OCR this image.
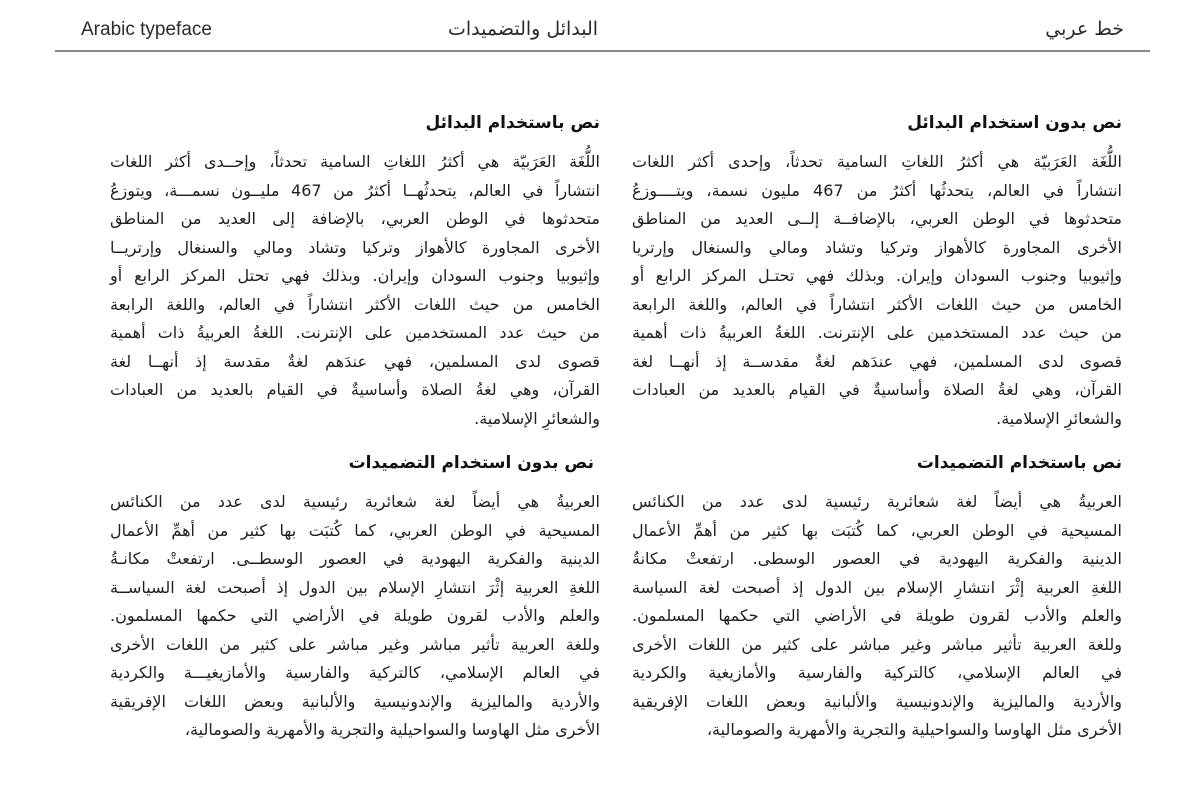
Arabic typeface	البدائل والتضميدات	خط عربي
نص بدون استخدام البدائل
اللُّغَة العَرَبيّة هي أكثرُ اللغاتِ السامية تحدثاً، وإحدى أكثر اللغات
انتشاراً في العالم، يتحدثُها أكثرُ من 467 مليون نسمة، ويتــــوزعُ
متحدثوها في الوطن العربي، بالإضافــة إلــى العديد من المناطق
الأخرى المجاورة كالأهواز وتركيا وتشاد ومالي والسنغال وإرتريا
وإثيوبيا وجنوب السودان وإيران. وبذلك فهي تحتـل المركز الرابع أو
الخامس من حيث اللغات الأكثر انتشاراً في العالم، واللغة الرابعة
من حيث عدد المستخدمين على الإنترنت. اللغةُ العربيةُ ذات أهمية
قصوى لدى المسلمين، فهي عندَهم لغةٌ مقدســة إذ أنهــا لغة
القرآن، وهي لغةُ الصلاة وأساسيةٌ في القيام بالعديد من العبادات
والشعائرِ الإسلامية.
نص باستخدام التضميدات
العربيةُ هي أيضاً لغة شعائرية رئيسية لدى عدد من الكنائس
المسيحية في الوطن العربي، كما كُتبَت بها كثير من أهمِّ الأعمال
الدينية والفكرية اليهودية في العصور الوسطى. ارتفعتْ مكانةُ
اللغةِ العربية إثْرَ انتشارِ الإسلام بين الدول إذ أصبحت لغة السياسة
والعلم والأدب لقرون طويلة في الأراضي التي حكمها المسلمون.
وللغة العربية تأثير مباشر وغير مباشر على كثير من اللغات الأخرى
في العالم الإسلامي، كالتركية والفارسية والأمازيغية والكردية
والأردية والماليزية والإندونيسية والألبانية وبعض اللغات الإفريقية
الأخرى مثل الهاوسا والسواحيلية والتجرية والأمهرية والصومالية،
نص باستخدام البدائل
اللُّغَة العَرَبيّة هي أكثرُ اللغاتِ السامية تحدثاً، وإحــدى أكثر اللغات
انتشاراً في العالم، يتحدثُهــا أكثرُ من 467 مليــون نسمـــة، ويتوزعُ
متحدثوها في الوطن العربي، بالإضافة إلى العديد من المناطق
الأخرى المجاورة كالأهواز وتركيا وتشاد ومالي والسنغال وإرتريــا
وإثيوبيا وجنوب السودان وإيران. وبذلك فهي تحتل المركز الرابع أو
الخامس من حيث اللغات الأكثر انتشاراً في العالم، واللغة الرابعة
من حيث عدد المستخدمين على الإنترنت. اللغةُ العربيةُ ذات أهمية
قصوى لدى المسلمين، فهي عندَهم لغةٌ مقدسة إذ أنهــا لغة
القرآن، وهي لغةُ الصلاة وأساسيةٌ في القيام بالعديد من العبادات
والشعائرِ الإسلامية.
نص بدون استخدام التضميدات
العربيةُ هي أيضاً لغة شعائرية رئيسية لدى عدد من الكنائس
المسيحية في الوطن العربي، كما كُتبَت بها كثير من أهمِّ الأعمال
الدينية والفكرية اليهودية في العصور الوسطــى. ارتفعتْ مكانـةُ
اللغةِ العربية إثْرَ انتشارِ الإسلام بين الدول إذ أصبحت لغة السياســة
والعلم والأدب لقرون طويلة في الأراضي التي حكمها المسلمون.
وللغة العربية تأثير مباشر وغير مباشر على كثير من اللغات الأخرى
في العالم الإسلامي، كالتركية والفارسية والأمازيغيـــة والكردية
والأردية والماليزية والإندونيسية والألبانية وبعض اللغات الإفريقية
الأخرى مثل الهاوسا والسواحيلية والتجرية والأمهرية والصومالية،
